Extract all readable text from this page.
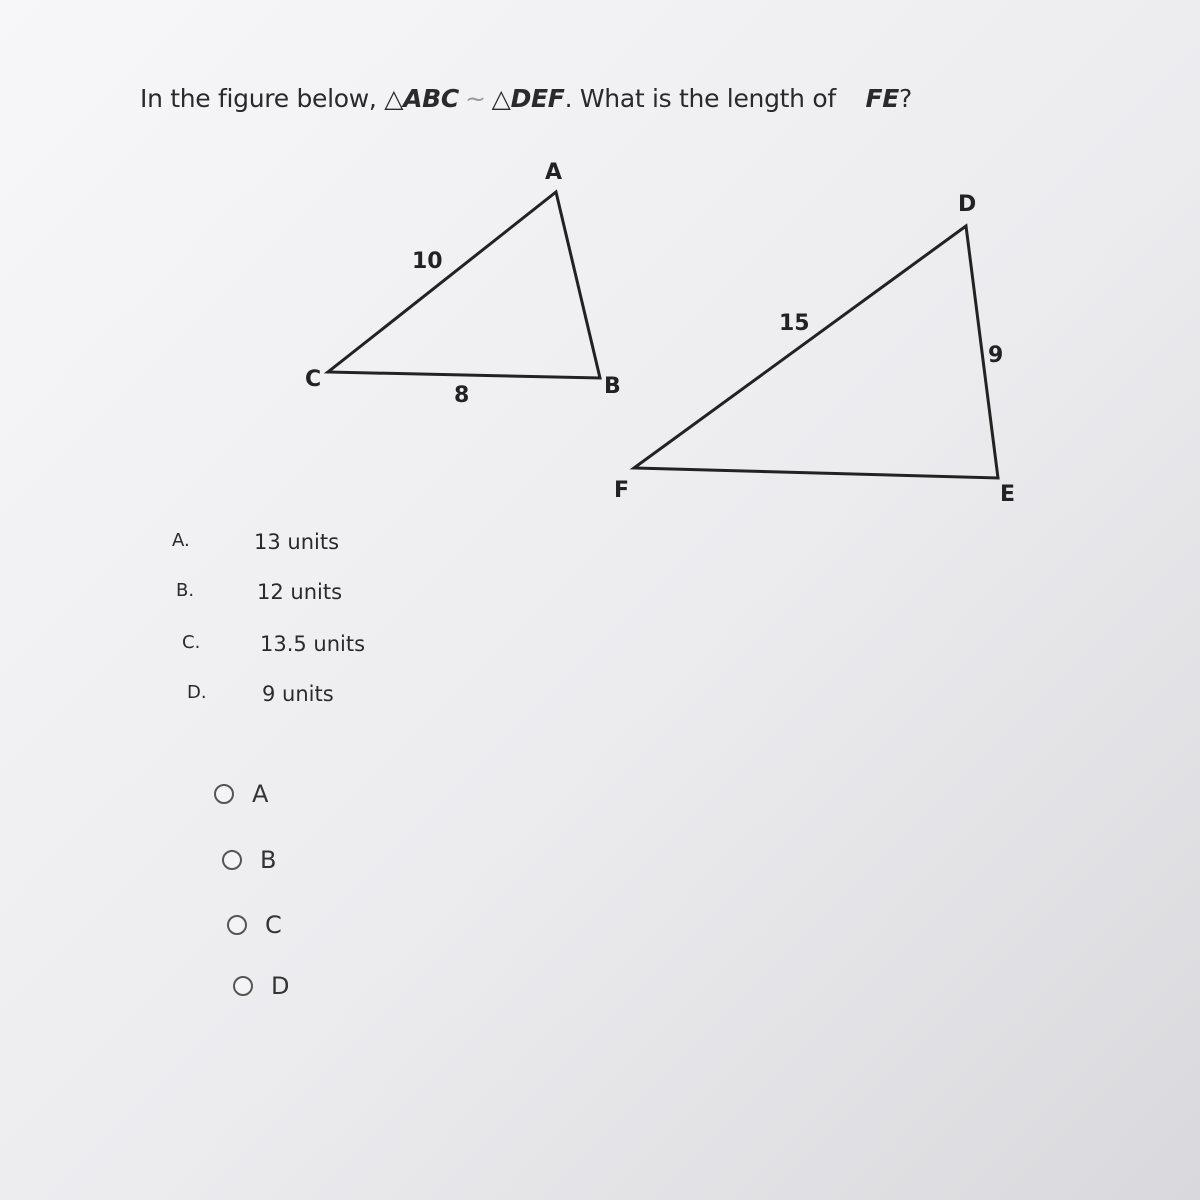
In the figure below, △ABC ~ △DEF. What is the length of FE?
A
B
C
10
8
D
E
F
15
9
A.	13 units
B.	12 units
C.	13.5 units
D.	9 units
A
B
C
D
